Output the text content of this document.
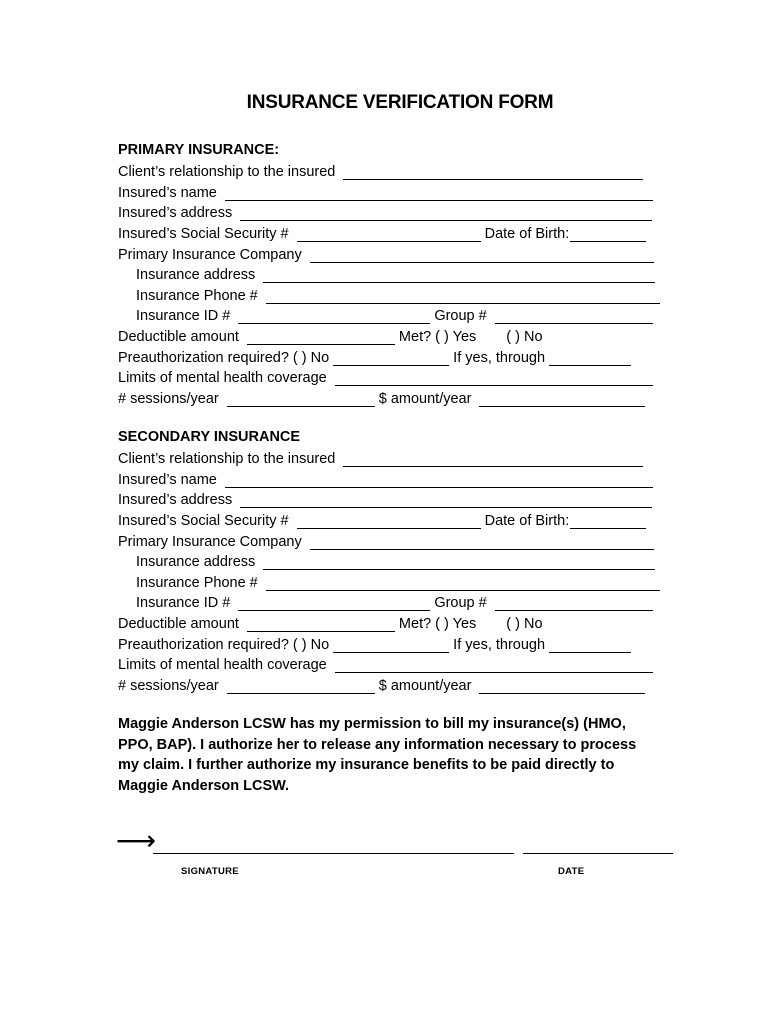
INSURANCE VERIFICATION FORM
PRIMARY INSURANCE:
Client’s relationship to the insured
Insured’s name
Insured’s address
Insured’s Social Security #	Date of Birth:
Primary Insurance Company
Insurance address
Insurance Phone #
Insurance ID #	Group #
Deductible amount	Met? ( ) Yes ( ) No
Preauthorization required? ( ) No	If yes, through
Limits of mental health coverage
# sessions/year	$ amount/year
SECONDARY INSURANCE
Client’s relationship to the insured
Insured’s name
Insured’s address
Insured’s Social Security #	Date of Birth:
Primary Insurance Company
Insurance address
Insurance Phone #
Insurance ID #	Group #
Deductible amount	Met? ( ) Yes ( ) No
Preauthorization required? ( ) No	If yes, through
Limits of mental health coverage
# sessions/year	$ amount/year
Maggie Anderson LCSW has my permission to bill my insurance(s) (HMO, PPO, BAP). I authorize her to release any information necessary to process my claim. I further authorize my insurance benefits to be paid directly to Maggie Anderson LCSW.
⟶
SIGNATURE	DATE
